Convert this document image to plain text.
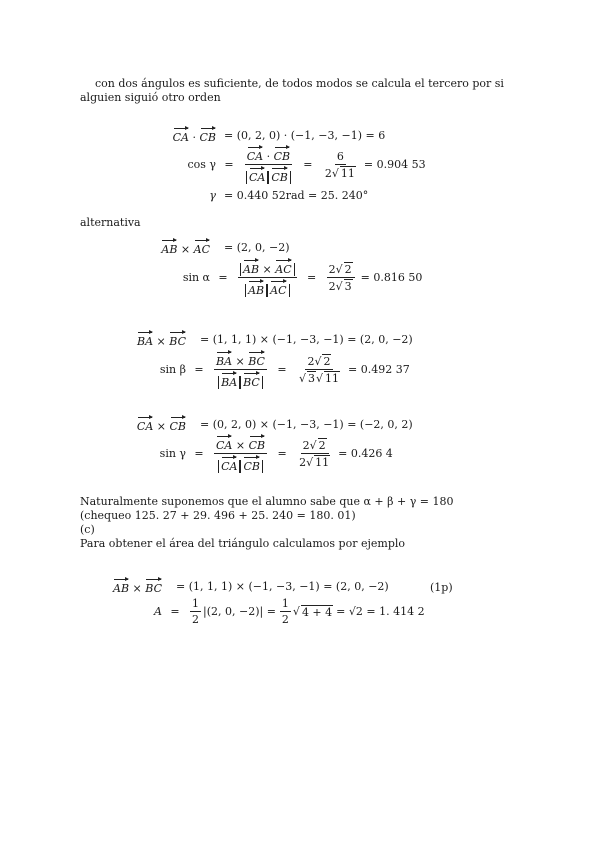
con dos ángulos es suficiente, de todos modos se calcula el tercero por si
alguien siguió otro orden
CA · CB = (0, 2, 0) · (−1, −3, −1) = 6
$\cos \gamma = \frac{CA \cdot CB}{\text{CA CB}} = \frac{6}{2√ 11} = 0.904$ 53
γ = 0.440 52rad = 25. 240°
alternativa
AB × AC = (2, 0, −2)
$\sin \alpha = \frac{AB \times AC}{\text{AB AC}} = \frac{2√ 2}{2√ 3} = 0.816$ 50
BA × BC = (1, 1, 1) × (−1, −3, −1) = (2, 0, −2)
$\sin \beta = \frac{BA \times BC}{\text{BA BC}} = \frac{2√ 2}{√ 3√ 11} = 0.492$ 37
CA × CB = (0, 2, 0) × (−1, −3, −1) = (−2, 0, 2)
$\sin \gamma = \frac{CA \times CB}{\text{CA CB}} = \frac{2√ 2}{2√ 11} = 0.426$ 4
Naturalmente suponemos que el alumno sabe que α + β + γ = 180
(chequeo 125. 27 + 29. 496 + 25. 240 = 180. 01)
(c)
Para obtener el área del triángulo calculamos por ejemplo
AB × BC = (1, 1, 1) × (−1, −3, −1) = (2, 0, −2)	(1p)
$A = \frac{1}{2} |(2$, 0, $-2)| = \frac{1}{2}$ √ 4 + 4 = √2 = 1. 414 2
